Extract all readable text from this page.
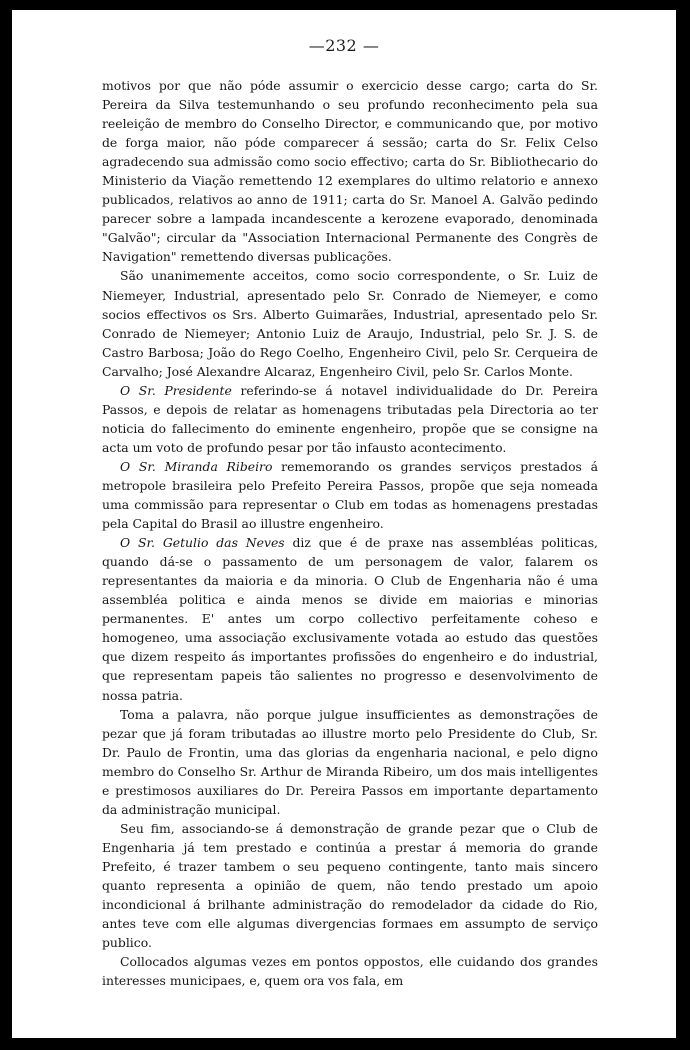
—232 —

motivos por que não póde assumir o exercicio desse cargo; carta do Sr. Pereira da Silva testemunhando o seu profundo reconhecimento pela sua reeleição de membro do Conselho Director, e communicando que, por motivo de forga maior, não póde comparecer á sessão; carta do Sr. Felix Celso agradecendo sua admissão como socio effectivo; carta do Sr. Bibliothecario do Ministerio da Viação remettendo 12 exemplares do ultimo relatorio e annexo publicados, relativos ao anno de 1911; carta do Sr. Manoel A. Galvão pedindo parecer sobre a lampada incandescente a kerozene evaporado, denominada "Galvão"; circular da "Association Internacional Permanente des Congrès de Navigation" remettendo diversas publicações.

São unanimemente acceitos, como socio correspondente, o Sr. Luiz de Niemeyer, Industrial, apresentado pelo Sr. Conrado de Niemeyer, e como socios effectivos os Srs. Alberto Guimarães, Industrial, apresentado pelo Sr. Conrado de Niemeyer; Antonio Luiz de Araujo, Industrial, pelo Sr. J. S. de Castro Barbosa; João do Rego Coelho, Engenheiro Civil, pelo Sr. Cerqueira de Carvalho; José Alexandre Alcaraz, Engenheiro Civil, pelo Sr. Carlos Monte.

O Sr. Presidente referindo-se á notavel individualidade do Dr. Pereira Passos, e depois de relatar as homenagens tributadas pela Directoria ao ter noticia do fallecimento do eminente engenheiro, propõe que se consigne na acta um voto de profundo pesar por tão infausto acontecimento.

O Sr. Miranda Ribeiro rememorando os grandes serviços prestados á metropole brasileira pelo Prefeito Pereira Passos, propõe que seja nomeada uma commissão para representar o Club em todas as homenagens prestadas pela Capital do Brasil ao illustre engenheiro.

O Sr. Getulio das Neves diz que é de praxe nas assembléas politicas, quando dá-se o passamento de um personagem de valor, falarem os representantes da maioria e da minoria. O Club de Engenharia não é uma assembléa politica e ainda menos se divide em maiorias e minorias permanentes. E' antes um corpo collectivo perfeitamente coheso e homogeneo, uma associação exclusivamente votada ao estudo das questões que dizem respeito ás importantes profissões do engenheiro e do industrial, que representam papeis tão salientes no progresso e desenvolvimento de nossa patria.

Toma a palavra, não porque julgue insufficientes as demonstrações de pezar que já foram tributadas ao illustre morto pelo Presidente do Club, Sr. Dr. Paulo de Frontin, uma das glorias da engenharia nacional, e pelo digno membro do Conselho Sr. Arthur de Miranda Ribeiro, um dos mais intelligentes e prestimosos auxiliares do Dr. Pereira Passos em importante departamento da administração municipal.

Seu fim, associando-se á demonstração de grande pezar que o Club de Engenharia já tem prestado e continúa a prestar á memoria do grande Prefeito, é trazer tambem o seu pequeno contingente, tanto mais sincero quanto representa a opinião de quem, não tendo prestado um apoio incondicional á brilhante administração do remodelador da cidade do Rio, antes teve com elle algumas divergencias formaes em assumpto de serviço publico.

Collocados algumas vezes em pontos oppostos, elle cuidando dos grandes interesses municipaes, e, quem ora vos fala, em
